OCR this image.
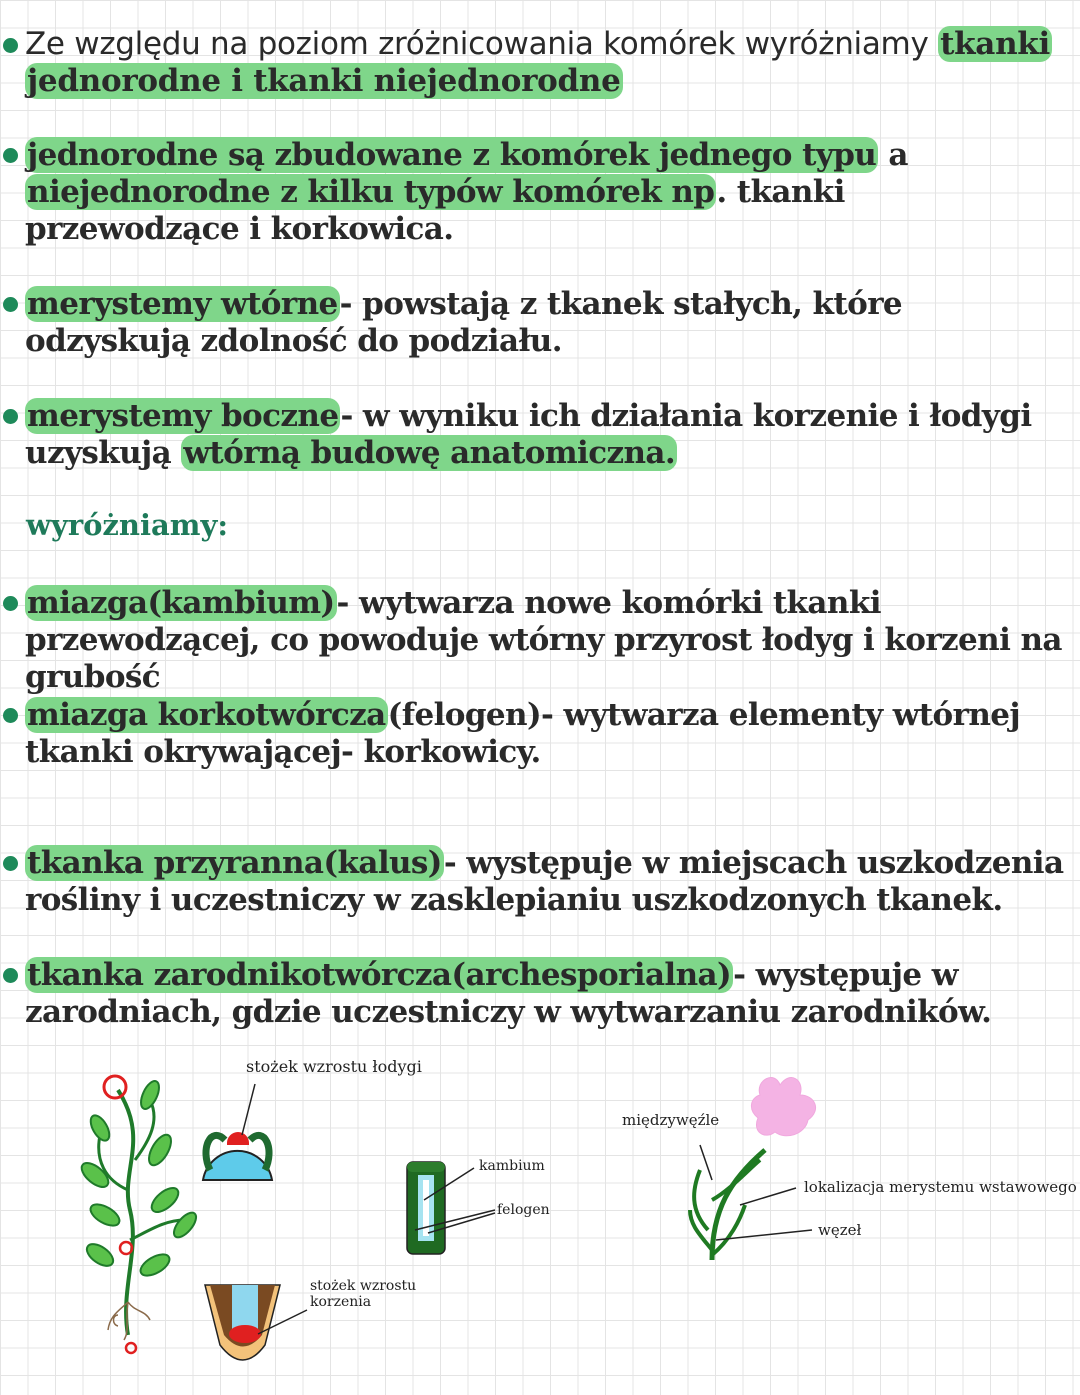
Ze względu na poziom zróżnicowania komórek wyróżniamy tkanki jednorodne i tkanki niejednorodne
jednorodne są zbudowane z komórek jednego typu a niejednorodne z kilku typów komórek np. tkanki przewodzące i korkowica.
merystemy wtórne- powstają z tkanek stałych, które odzyskują zdolność do podziału.
merystemy boczne- w wyniku ich działania korzenie i łodygi uzyskują wtórną budowę anatomiczna.
wyróżniamy:
miazga(kambium)- wytwarza nowe komórki tkanki przewodzącej, co powoduje wtórny przyrost łodyg i korzeni na grubość
miazga korkotwórcza(felogen)- wytwarza elementy wtórnej tkanki okrywającej- korkowicy.
tkanka przyranna(kalus)- występuje w miejscach uszkodzenia rośliny i uczestniczy w zasklepianiu uszkodzonych tkanek.
tkanka zarodnikotwórcza(archesporialna)- występuje w zarodniach, gdzie uczestniczy w wytwarzaniu zarodników.
stożek wzrostu łodygi
stożek wzrostu korzenia
kambium
felogen
międzywęźle
lokalizacja merystemu wstawowego
węzeł
